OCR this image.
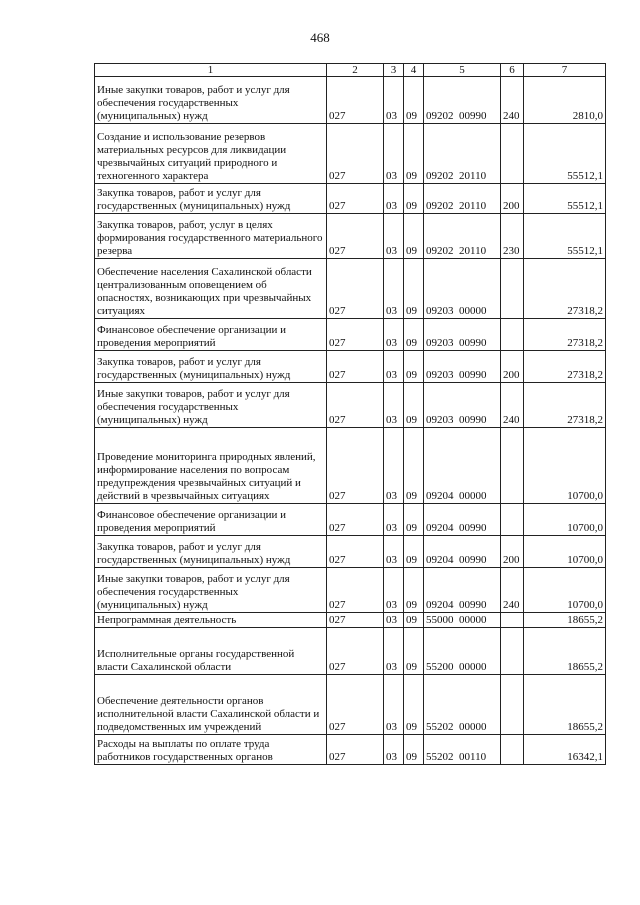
468
1	2	3	4	5	6	7
Иные закупки товаров, работ и услуг для обеспечения государственных (муниципальных) нужд	027	03	09	09202  00990	240	2810,0
Создание и использование резервов материальных ресурсов для ликвидации чрезвычайных ситуаций природного и техногенного характера	027	03	09	09202  20110		55512,1
Закупка товаров, работ и услуг для государственных (муниципальных) нужд	027	03	09	09202  20110	200	55512,1
Закупка товаров, работ, услуг в целях формирования государственного материального резерва	027	03	09	09202  20110	230	55512,1
Обеспечение населения Сахалинской области централизованным оповещением об опасностях, возникающих при чрезвычайных ситуациях	027	03	09	09203  00000		27318,2
Финансовое обеспечение организации и проведения мероприятий	027	03	09	09203  00990		27318,2
Закупка товаров, работ и услуг для государственных (муниципальных) нужд	027	03	09	09203  00990	200	27318,2
Иные закупки товаров, работ и услуг для обеспечения государственных (муниципальных) нужд	027	03	09	09203  00990	240	27318,2
Проведение мониторинга природных явлений, информирование населения по вопросам предупреждения чрезвычайных ситуаций и действий в чрезвычайных ситуациях	027	03	09	09204  00000		10700,0
Финансовое обеспечение организации и проведения мероприятий	027	03	09	09204  00990		10700,0
Закупка товаров, работ и услуг для государственных (муниципальных) нужд	027	03	09	09204  00990	200	10700,0
Иные закупки товаров, работ и услуг для обеспечения государственных (муниципальных) нужд	027	03	09	09204  00990	240	10700,0
Непрограммная деятельность	027	03	09	55000  00000		18655,2
Исполнительные органы государственной власти Сахалинской области	027	03	09	55200  00000		18655,2
Обеспечение деятельности органов исполнительной власти Сахалинской области и подведомственных им учреждений	027	03	09	55202  00000		18655,2
Расходы на выплаты по оплате труда работников государственных органов	027	03	09	55202  00110		16342,1
